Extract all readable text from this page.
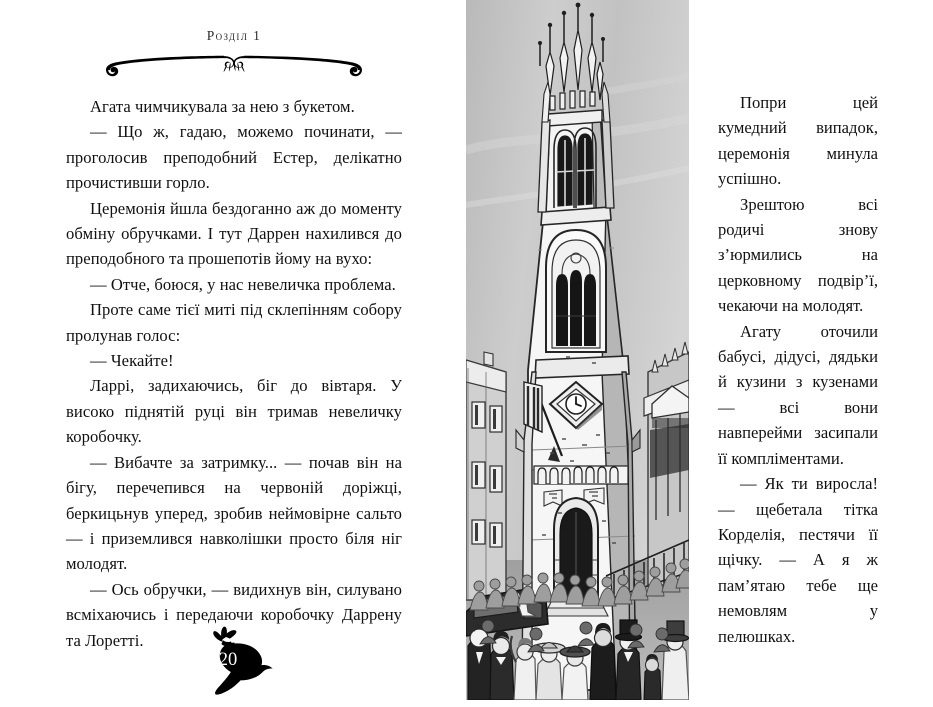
Розділ 1

Агата чимчикувала за нею з букетом.

— Що ж, гадаю, можемо починати, — проголосив преподобний Естер, делікатно прочистивши горло.

Церемонія йшла бездоганно аж до моменту обміну обручками. І тут Даррен нахилився до преподобного та прошепотів йому на вухо:

— Отче, боюся, у нас невеличка проблема.

Проте саме тієї миті під склепінням собору пролунав голос:

— Чекайте!

Ларрі, задихаючись, біг до вівтаря. У високо піднятій руці він тримав невеличку коробочку.

— Вибачте за затримку... — почав він на бігу, перечепився на червоній доріжці, беркицьнув уперед, зробив неймовірне сальто — і приземлився навколішки просто біля ніг молодят.

— Ось обручки, — видихнув він, силувано всміхаючись і передаючи коробочку Даррену та Лоретті.

20

Попри цей кумедний випадок, церемонія минула успішно.

Зрештою всі родичі знову з’юрмились на церковному подвір’ї, чекаючи на молодят.

Агату оточили бабусі, дідусі, дядьки й кузини з кузенами — всі вони навперейми засипали її компліментами.

— Як ти виросла! — щебетала тітка Корделія, пестячи її щічку. — А я ж пам’ятаю тебе ще немовлям у пелюшках.
